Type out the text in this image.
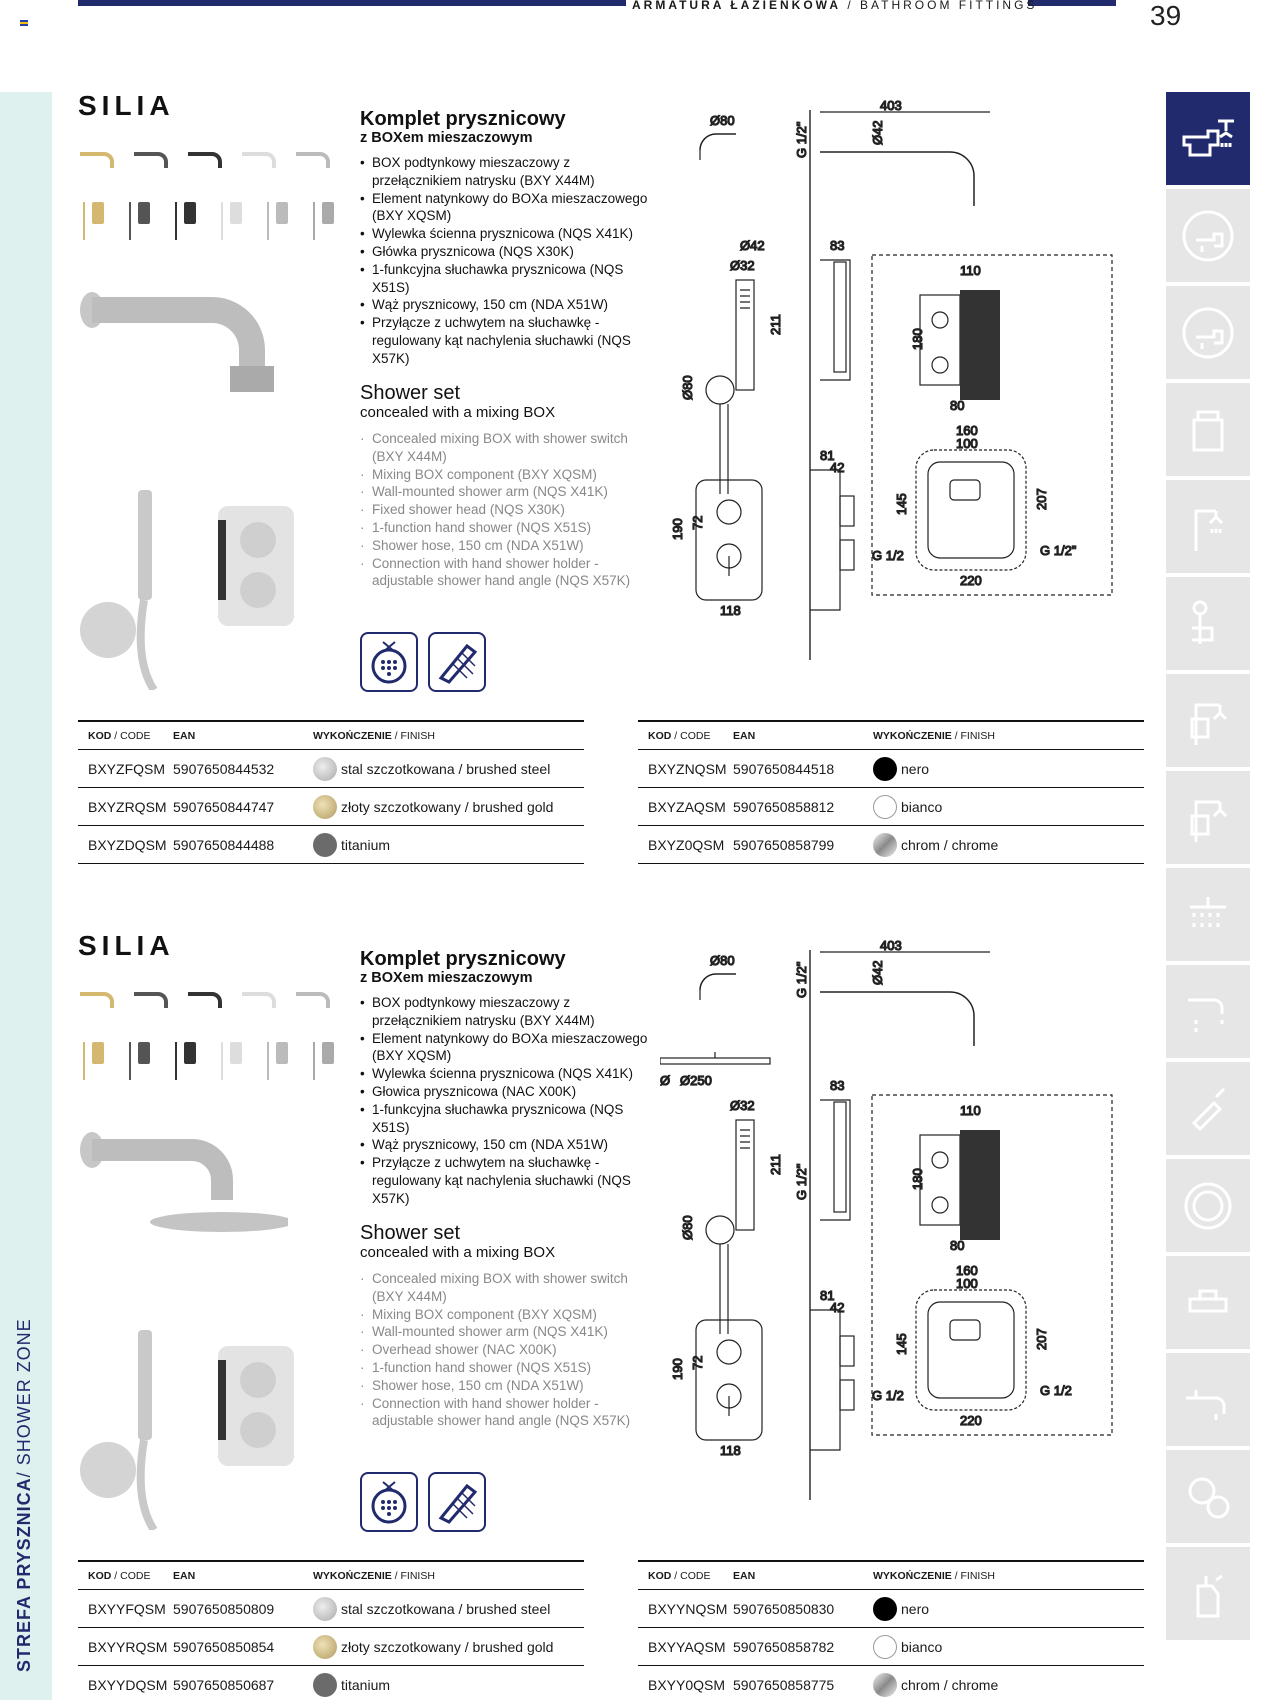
ARMATURA ŁAZIENKOWA / BATHROOM FITTINGS	39
STREFA PRYSZNICA/ SHOWER ZONE
SILIA	Komplet prysznicowy
z BOXem mieszaczowym
• BOX podtynkowy mieszaczowy z przełącznikiem natrysku (BXY X44M)
• Element natynkowy do BOXa mieszaczowego (BXY XQSM)
• Wylewka ścienna prysznicowa (NQS X41K)
• Główka prysznicowa (NQS X30K)
• 1-funkcyjna słuchawka prysznicowa (NQS X51S)
• Wąż prysznicowy, 150 cm (NDA X51W)
• Przyłącze z uchwytem na słuchawkę - regulowany kąt nachylenia słuchawki (NQS X57K)
Shower set
concealed with a mixing BOX
· Concealed mixing BOX with shower switch (BXY X44M)
· Mixing BOX component (BXY XQSM)
· Wall-mounted shower arm (NQS X41K)
· Fixed shower head (NQS X30K)
· 1-function hand shower (NQS X51S)
· Shower hose, 150 cm (NDA X51W)
· Connection with hand shower holder - adjustable shower hand angle (NQS X57K)
Ø80
Ø42
Ø32
211
Ø80
403
Ø42
G 1/2"
83
110
180
80
160
100
145	207
220
G 1/2	G 1/2"
190 72
118
81
42
KOD / CODE	EAN	WYKOŃCZENIE / FINISH
BXYZFQSM 5907650844532	stal szczotkowana / brushed steel
BXYZRQSM 5907650844747	złoty szczotkowany / brushed gold
BXYZDQSM 5907650844488	titanium
KOD / CODE	EAN	WYKOŃCZENIE / FINISH
BXYZNQSM 5907650844518	nero
BXYZAQSM 5907650858812	bianco
BXYZ0QSM 5907650858799	chrom / chrome
SILIA	Komplet prysznicowy
z BOXem mieszaczowym
• BOX podtynkowy mieszaczowy z przełącznikiem natrysku (BXY X44M)
• Element natynkowy do BOXa mieszaczowego (BXY XQSM)
• Wylewka ścienna prysznicowa (NQS X41K)
• Głowica prysznicowa (NAC X00K)
• 1-funkcyjna słuchawka prysznicowa (NQS X51S)
• Wąż prysznicowy, 150 cm (NDA X51W)
• Przyłącze z uchwytem na słuchawkę - regulowany kąt nachylenia słuchawki (NQS X57K)
Shower set
concealed with a mixing BOX
· Concealed mixing BOX with shower switch (BXY X44M)
· Mixing BOX component (BXY XQSM)
· Wall-mounted shower arm (NQS X41K)
· Overhead shower (NAC X00K)
· 1-function hand shower (NQS X51S)
· Shower hose, 150 cm (NDA X51W)
· Connection with hand shower holder - adjustable shower hand angle (NQS X57K)
Ø80
Ø Ø250
Ø32
211
Ø80
403
Ø42
G 1/2"
83
110
180
80
160
100
145	207
220
G 1/2	G 1/2
190 72
118
81
42
G 1/2"
KOD / CODE	EAN	WYKOŃCZENIE / FINISH
BXYYFQSM 5907650850809	stal szczotkowana / brushed steel
BXYYRQSM 5907650850854	złoty szczotkowany / brushed gold
BXYYDQSM 5907650850687	titanium
KOD / CODE	EAN	WYKOŃCZENIE / FINISH
BXYYNQSM 5907650850830	nero
BXYYAQSM 5907650858782	bianco
BXYY0QSM 5907650858775	chrom / chrome
